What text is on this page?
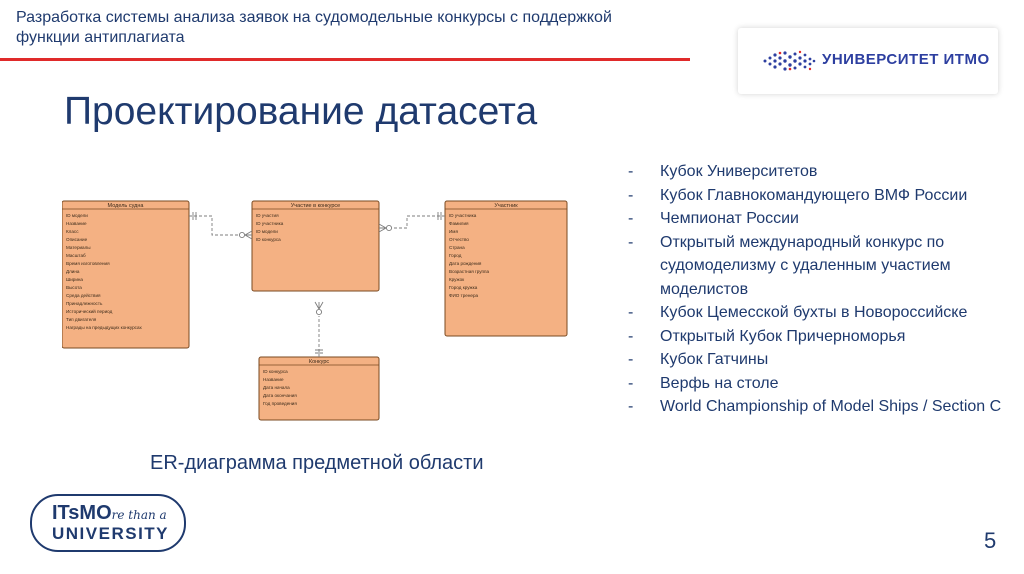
Разработка системы анализа заявок на судомодельные конкурсы с поддержкой функции антиплагиата
УНИВЕРСИТЕТ ИТМО
Проектирование датасета
Модель судна
ID модели
Название
Класс
Описание
Материалы
Масштаб
Время изготовления
Длина
Ширина
Высота
Среда действия
Принадлежность
Исторический период
Тип двигателя
Награды на предыдущих конкурсах
Участие в конкурсе
ID участия
ID участника
ID модели
ID конкурса
Участник
ID участника
Фамилия
Имя
Отчество
Страна
Город
Дата рождения
Возрастная группа
Кружок
Город кружка
ФИО тренера
Конкурс
ID конкурса
Название
Дата начала
Дата окончания
Год проведения
ER-диаграмма предметной области
- Кубок Университетов
- Кубок Главнокомандующего ВМФ России
- Чемпионат России
- Открытый международный конкурс по судомоделизму с удаленным участием моделистов
- Кубок Цемесской бухты в Новороссийске
- Открытый Кубок Причерноморья
- Кубок Гатчины
- Верфь на столе
- World Championship of Model Ships / Section C
ITsMOre than a
UNIVERSITY	5
